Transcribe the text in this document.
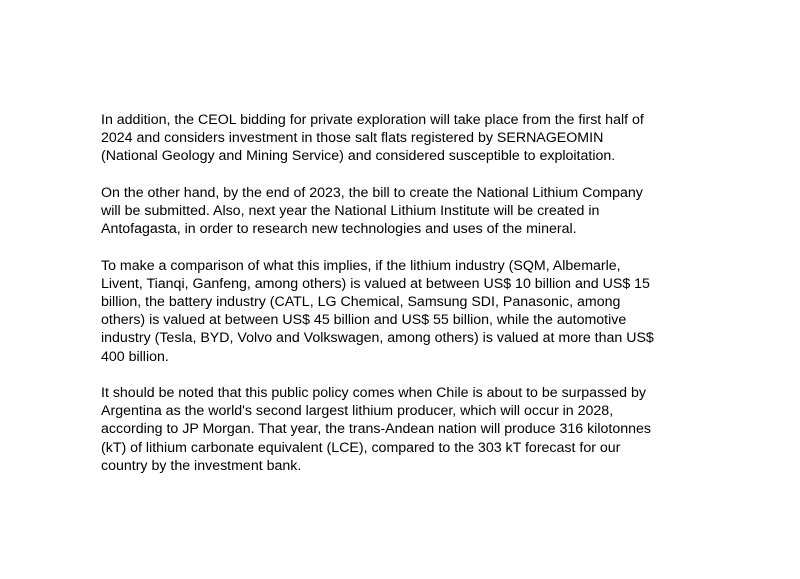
In addition, the CEOL bidding for private exploration will take place from the first half of
2024 and considers investment in those salt flats registered by SERNAGEOMIN
(National Geology and Mining Service) and considered susceptible to exploitation.

On the other hand, by the end of 2023, the bill to create the National Lithium Company
will be submitted. Also, next year the National Lithium Institute will be created in
Antofagasta, in order to research new technologies and uses of the mineral.

To make a comparison of what this implies, if the lithium industry (SQM, Albemarle,
Livent, Tianqi, Ganfeng, among others) is valued at between US$ 10 billion and US$ 15
billion, the battery industry (CATL, LG Chemical, Samsung SDI, Panasonic, among
others) is valued at between US$ 45 billion and US$ 55 billion, while the automotive
industry (Tesla, BYD, Volvo and Volkswagen, among others) is valued at more than US$
400 billion.

It should be noted that this public policy comes when Chile is about to be surpassed by
Argentina as the world's second largest lithium producer, which will occur in 2028,
according to JP Morgan. That year, the trans-Andean nation will produce 316 kilotonnes
(kT) of lithium carbonate equivalent (LCE), compared to the 303 kT forecast for our
country by the investment bank.
